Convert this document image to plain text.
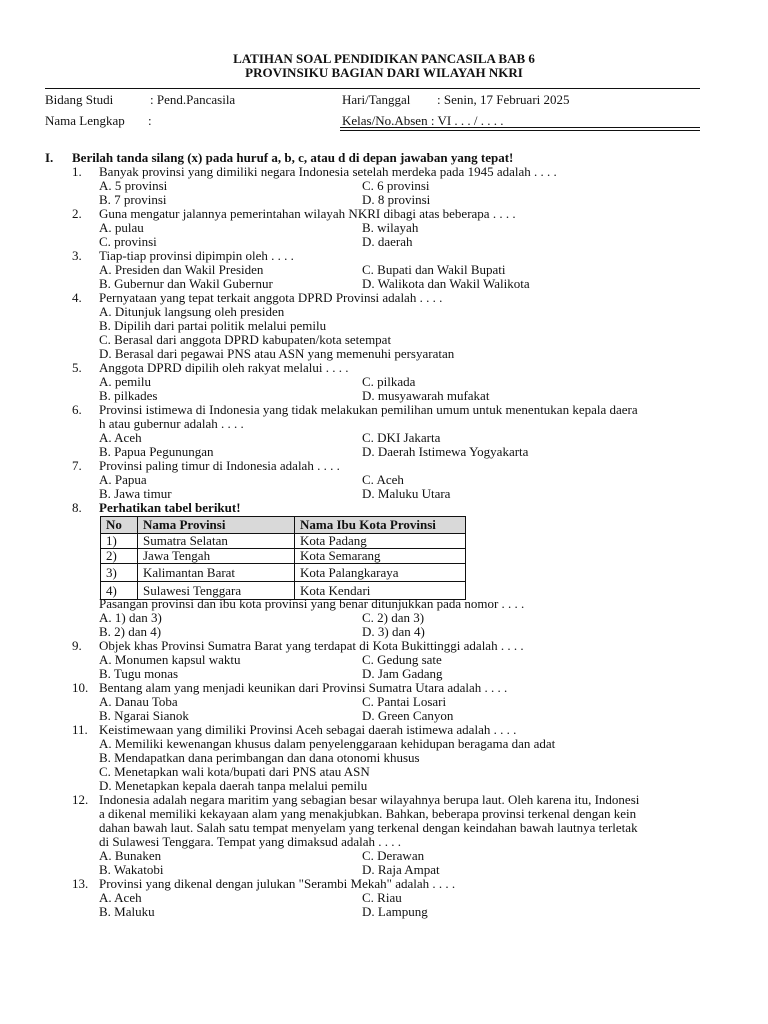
LATIHAN SOAL PENDIDIKAN PANCASILA BAB 6
PROVINSIKU BAGIAN DARI WILAYAH NKRI
Bidang Studi	: Pend.Pancasila	Hari/Tanggal : Senin, 17 Februari 2025
Nama Lengkap :	Kelas/No.Absen : VI . . . / . . . .
I. Berilah tanda silang (x) pada huruf a, b, c, atau d di depan jawaban yang tepat!
1. Banyak provinsi yang dimiliki negara Indonesia setelah merdeka pada 1945 adalah . . . .
A. 5 provinsi	C. 6 provinsi
B. 7 provinsi	D. 8 provinsi
2. Guna mengatur jalannya pemerintahan wilayah NKRI dibagi atas beberapa . . . .
A. pulau	B. wilayah
C. provinsi	D. daerah
3. Tiap-tiap provinsi dipimpin oleh . . . .
A. Presiden dan Wakil Presiden	C. Bupati dan Wakil Bupati
B. Gubernur dan Wakil Gubernur	D. Walikota dan Wakil Walikota
4. Pernyataan yang tepat terkait anggota DPRD Provinsi adalah . . . .
A. Ditunjuk langsung oleh presiden
B. Dipilih dari partai politik melalui pemilu
C. Berasal dari anggota DPRD kabupaten/kota setempat
D. Berasal dari pegawai PNS atau ASN yang memenuhi persyaratan
5. Anggota DPRD dipilih oleh rakyat melalui . . . .
A. pemilu	C. pilkada
B. pilkades	D. musyawarah mufakat
6. Provinsi istimewa di Indonesia yang tidak melakukan pemilihan umum untuk menentukan kepala daera
h atau gubernur adalah . . . .
A. Aceh	C. DKI Jakarta
B. Papua Pegunungan	D. Daerah Istimewa Yogyakarta
7. Provinsi paling timur di Indonesia adalah . . . .
A. Papua	C. Aceh
B. Jawa timur	D. Maluku Utara
8. Perhatikan tabel berikut!
No	Nama Provinsi	Nama Ibu Kota Provinsi
1)	Sumatra Selatan	Kota Padang
2)	Jawa Tengah	Kota Semarang
3)	Kalimantan Barat	Kota Palangkaraya
4)	Sulawesi Tenggara	Kota Kendari
Pasangan provinsi dan ibu kota provinsi yang benar ditunjukkan pada nomor . . . .
A. 1) dan 3)	C. 2) dan 3)
B. 2) dan 4)	D. 3) dan 4)
9. Objek khas Provinsi Sumatra Barat yang terdapat di Kota Bukittinggi adalah . . . .
A. Monumen kapsul waktu	C. Gedung sate
B. Tugu monas	D. Jam Gadang
10. Bentang alam yang menjadi keunikan dari Provinsi Sumatra Utara adalah . . . .
A. Danau Toba	C. Pantai Losari
B. Ngarai Sianok	D. Green Canyon
11. Keistimewaan yang dimiliki Provinsi Aceh sebagai daerah istimewa adalah . . . .
A. Memiliki kewenangan khusus dalam penyelenggaraan kehidupan beragama dan adat
B. Mendapatkan dana perimbangan dan dana otonomi khusus
C. Menetapkan wali kota/bupati dari PNS atau ASN
D. Menetapkan kepala daerah tanpa melalui pemilu
12. Indonesia adalah negara maritim yang sebagian besar wilayahnya berupa laut. Oleh karena itu, Indonesi
a dikenal memiliki kekayaan alam yang menakjubkan. Bahkan, beberapa provinsi terkenal dengan kein
dahan bawah laut. Salah satu tempat menyelam yang terkenal dengan keindahan bawah lautnya terletak
di Sulawesi Tenggara. Tempat yang dimaksud adalah . . . .
A. Bunaken	C. Derawan
B. Wakatobi	D. Raja Ampat
13. Provinsi yang dikenal dengan julukan "Serambi Mekah" adalah . . . .
A. Aceh	C. Riau
B. Maluku	D. Lampung
